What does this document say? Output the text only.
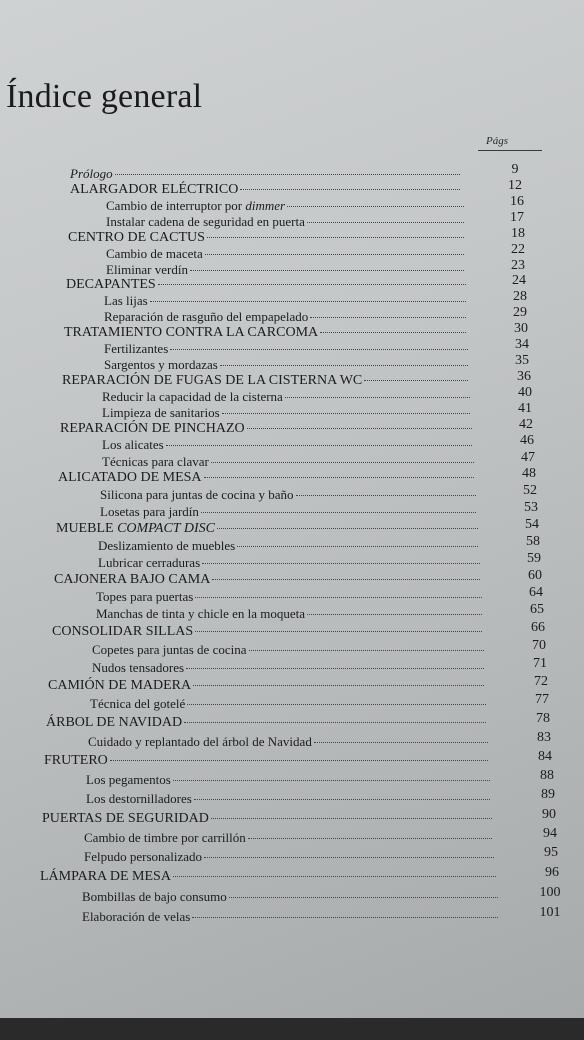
Índice general
Págs
Prólogo	9
ALARGADOR ELÉCTRICO	12
Cambio de interruptor por dimmer	16
Instalar cadena de seguridad en puerta	17
CENTRO DE CACTUS	18
Cambio de maceta	22
Eliminar verdín	23
DECAPANTES	24
Las lijas	28
Reparación de rasguño del empapelado	29
TRATAMIENTO CONTRA LA CARCOMA	30
Fertilizantes	34
Sargentos y mordazas	35
REPARACIÓN DE FUGAS DE LA CISTERNA WC	36
Reducir la capacidad de la cisterna	40
Limpieza de sanitarios	41
REPARACIÓN DE PINCHAZO	42
Los alicates	46
Técnicas para clavar	47
ALICATADO DE MESA	48
Silicona para juntas de cocina y baño	52
Losetas para jardín	53
MUEBLE COMPACT DISC	54
Deslizamiento de muebles	58
Lubricar cerraduras	59
CAJONERA BAJO CAMA	60
Topes para puertas	64
Manchas de tinta y chicle en la moqueta	65
CONSOLIDAR SILLAS	66
Copetes para juntas de cocina	70
Nudos tensadores	71
CAMIÓN DE MADERA	72
Técnica del gotelé	77
ÁRBOL DE NAVIDAD	78
Cuidado y replantado del árbol de Navidad	83
FRUTERO	84
Los pegamentos	88
Los destornilladores	89
PUERTAS DE SEGURIDAD	90
Cambio de timbre por carrillón	94
Felpudo personalizado	95
LÁMPARA DE MESA	96
Bombillas de bajo consumo	100
Elaboración de velas	101
